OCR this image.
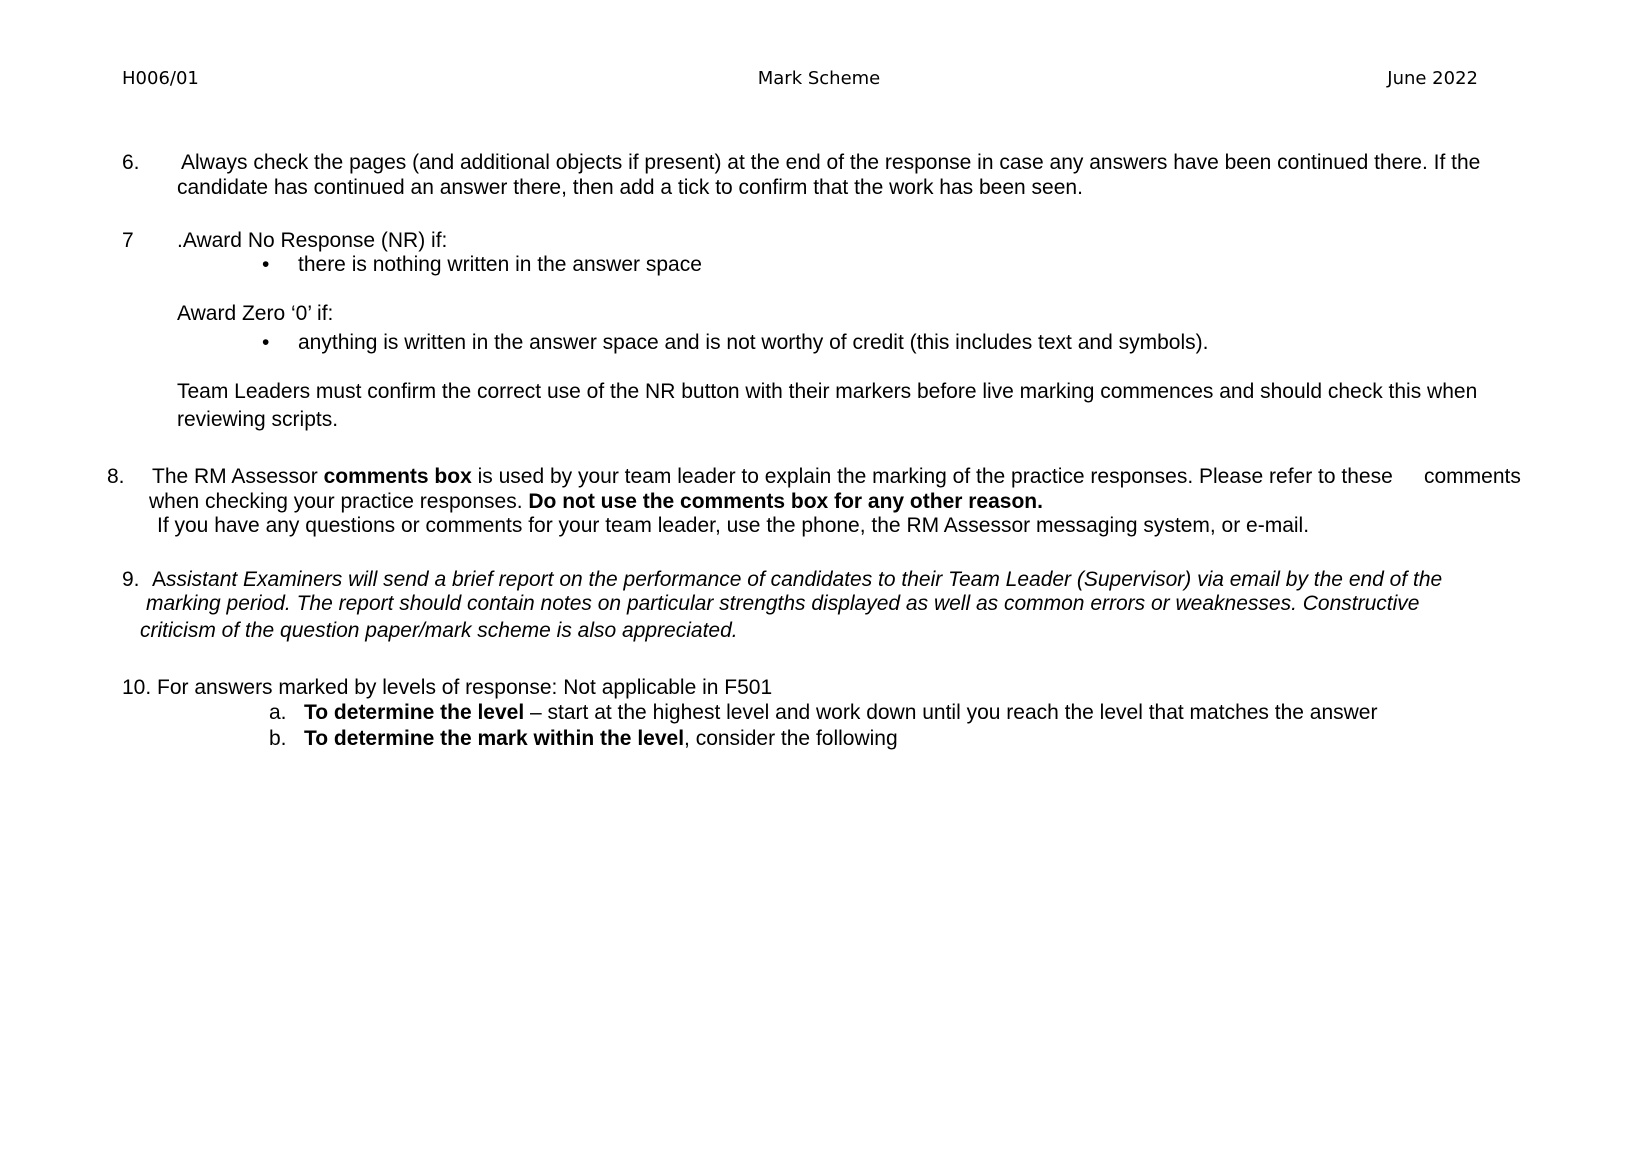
H006/01	Mark Scheme	June 2022
6. Always check the pages (and additional objects if present) at the end of the response in case any answers have been continued there. If the
candidate has continued an answer there, then add a tick to confirm that the work has been seen.
7 .Award No Response (NR) if:
• there is nothing written in the answer space
Award Zero ‘0’ if:
• anything is written in the answer space and is not worthy of credit (this includes text and symbols).
Team Leaders must confirm the correct use of the NR button with their markers before live marking commences and should check this when
reviewing scripts.
8. The RM Assessor comments box is used by your team leader to explain the marking of the practice responses. Please refer to these comments
when checking your practice responses. Do not use the comments box for any other reason.
If you have any questions or comments for your team leader, use the phone, the RM Assessor messaging system, or e-mail.
9. Assistant Examiners will send a brief report on the performance of candidates to their Team Leader (Supervisor) via email by the end of the
marking period. The report should contain notes on particular strengths displayed as well as common errors or weaknesses. Constructive
criticism of the question paper/mark scheme is also appreciated.
10. For answers marked by levels of response: Not applicable in F501
a. To determine the level – start at the highest level and work down until you reach the level that matches the answer
b. To determine the mark within the level, consider the following
